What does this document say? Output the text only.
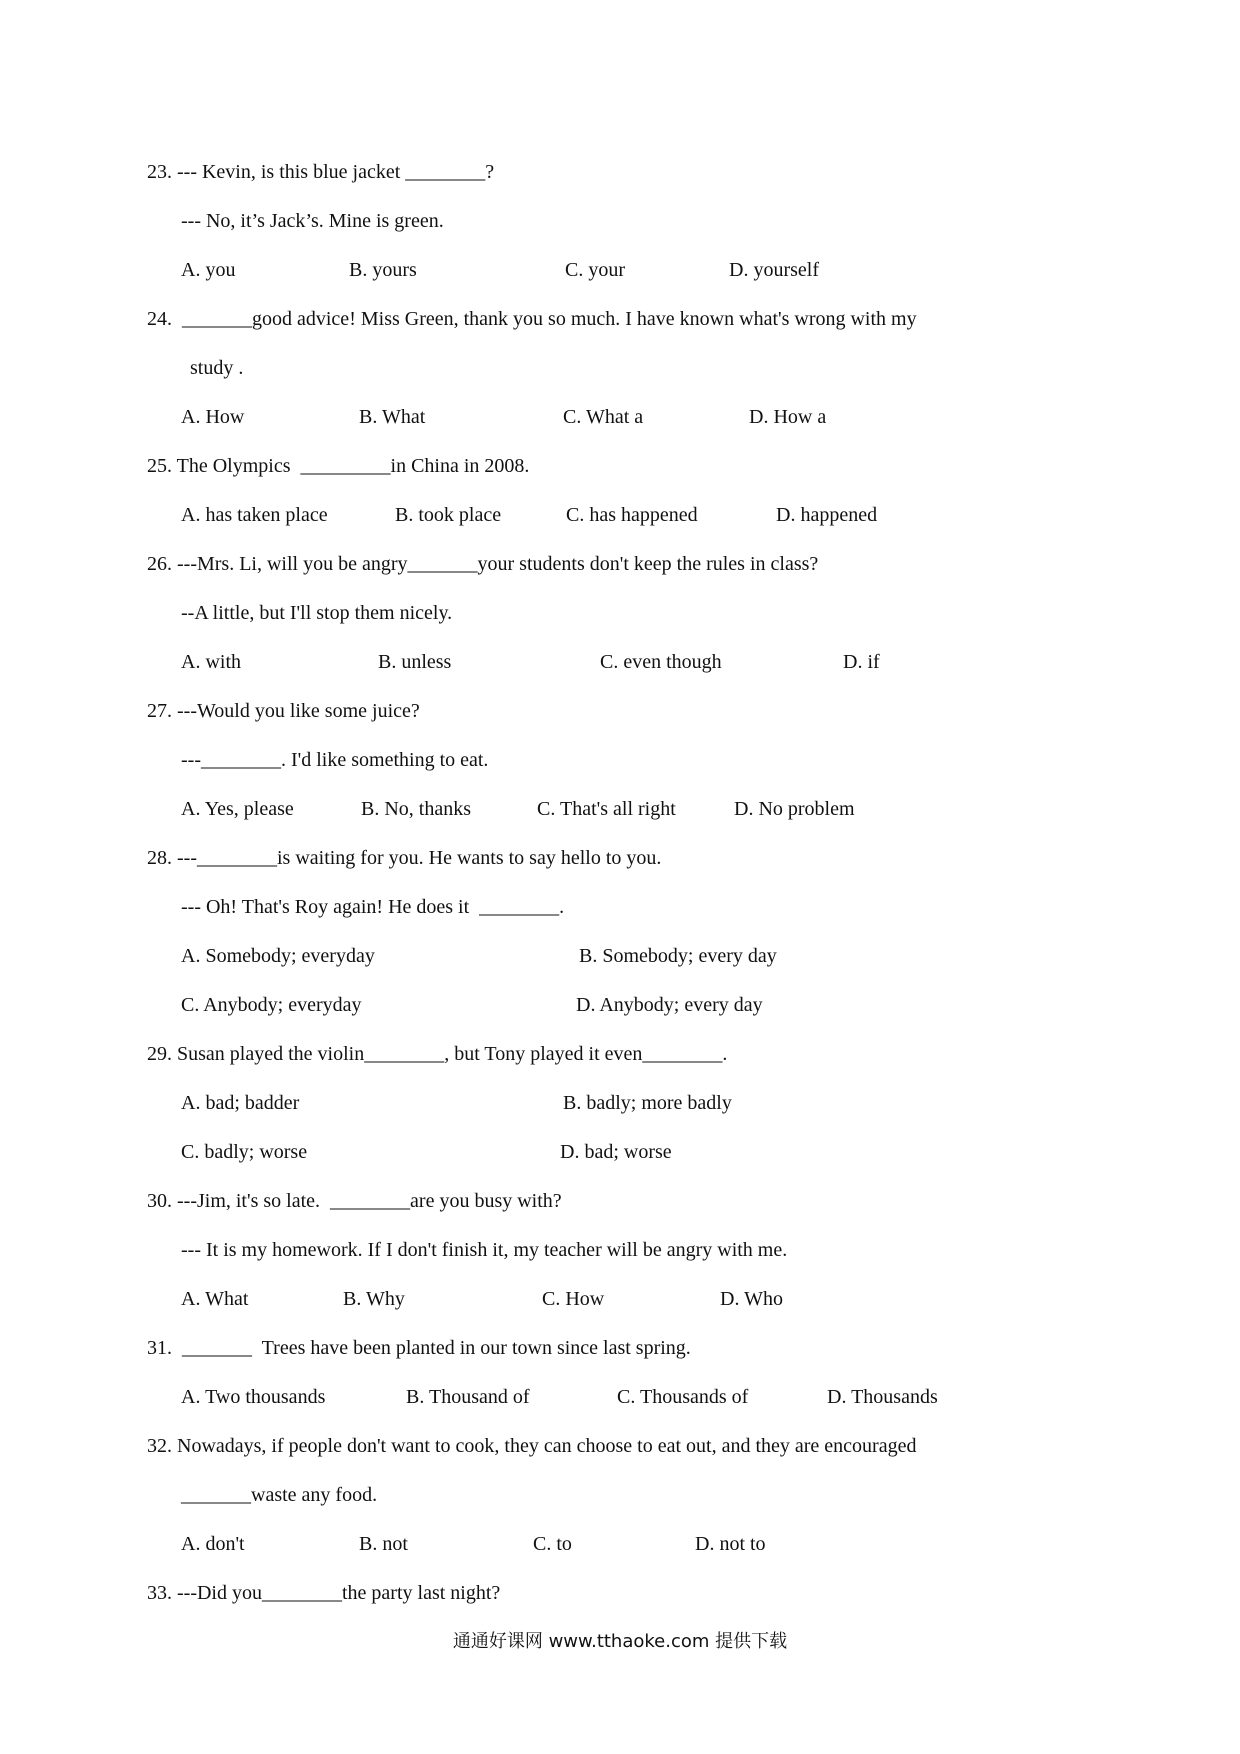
23. --- Kevin, is this blue jacket ________?
--- No, it’s Jack’s. Mine is green.
A. you	B. yours	C. your	D. yourself
24.  _______good advice! Miss Green, thank you so much. I have known what's wrong with my
study .
A. How	B. What	C. What a	D. How a
25. The Olympics  _________in China in 2008.
A. has taken place	B. took place	C. has happened	D. happened
26. ---Mrs. Li, will you be angry_______your students don't keep the rules in class?
--A little, but I'll stop them nicely.
A. with	B. unless	C. even though	D. if
27. ---Would you like some juice?
---________. I'd like something to eat.
A. Yes, please	B. No, thanks	C. That's all right	D. No problem
28. ---________is waiting for you. He wants to say hello to you.
--- Oh! That's Roy again! He does it  ________.
A. Somebody; everyday	B. Somebody; every day
C. Anybody; everyday	D. Anybody; every day
29. Susan played the violin________, but Tony played it even________.
A. bad; badder	B. badly; more badly
C. badly; worse	D. bad; worse
30. ---Jim, it's so late.  ________are you busy with?
--- It is my homework. If I don't finish it, my teacher will be angry with me.
A. What	B. Why	C. How	D. Who
31.  _______  Trees have been planted in our town since last spring.
A. Two thousands	B. Thousand of	C. Thousands of	D. Thousands
32. Nowadays, if people don't want to cook, they can choose to eat out, and they are encouraged
_______waste any food.
A. don't	B. not	C. to	D. not to
33. ---Did you________the party last night?
通通好课网 www.tthaoke.com 提供下载
